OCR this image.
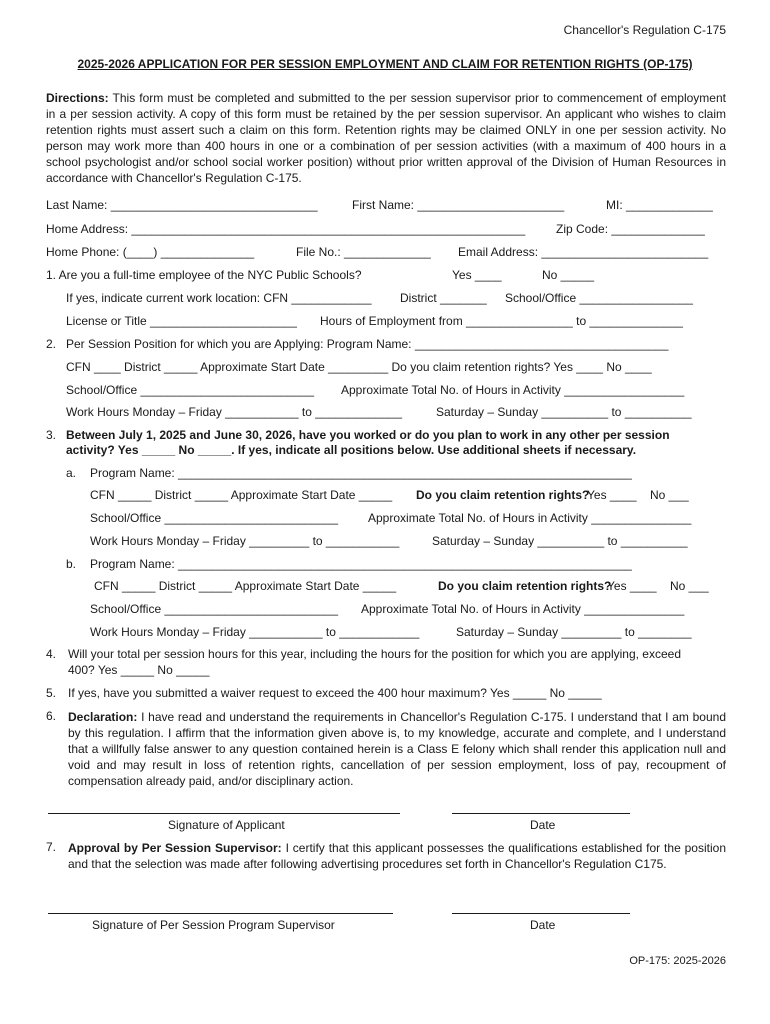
Chancellor's Regulation C-175
2025-2026 APPLICATION FOR PER SESSION EMPLOYMENT AND CLAIM FOR RETENTION RIGHTS (OP-175)
Directions: This form must be completed and submitted to the per session supervisor prior to commencement of employment in a per session activity. A copy of this form must be retained by the per session supervisor. An applicant who wishes to claim retention rights must assert such a claim on this form. Retention rights may be claimed ONLY in one per session activity. No person may work more than 400 hours in one or a combination of per session activities (with a maximum of 400 hours in a school psychologist and/or school social worker position) without prior written approval of the Division of Human Resources in accordance with Chancellor's Regulation C-175.
Last Name: _______________________________	First Name: ______________________	MI: _____________
Home Address: ___________________________________________________________	Zip Code: ______________
Home Phone: (____) ______________	File No.: _____________ Email Address: _________________________
1. Are you a full-time employee of the NYC Public Schools?	Yes ____	No _____
If yes, indicate current work location: CFN ____________ District _______ School/Office _________________
License or Title ______________________ Hours of Employment from ________________ to ______________
2. Per Session Position for which you are Applying: Program Name: ______________________________________
CFN ____ District _____ Approximate Start Date _________ Do you claim retention rights? Yes ____ No ____
School/Office __________________________ Approximate Total No. of Hours in Activity __________________
Work Hours Monday – Friday ___________ to _____________	Saturday – Sunday __________ to __________
3. Between July 1, 2025 and June 30, 2026, have you worked or do you plan to work in any other per session
activity? Yes _____ No _____. If yes, indicate all positions below. Use additional sheets if necessary.
a. Program Name: ____________________________________________________________________
CFN _____ District _____ Approximate Start Date _____ Do you claim retention rights?
Yes ____ No ___
School/Office __________________________ Approximate Total No. of Hours in Activity _______________
Work Hours Monday – Friday _________ to ___________	Saturday – Sunday __________ to __________
b. Program Name: ____________________________________________________________________
CFN _____ District _____ Approximate Start Date _____	Do you claim retention rights?
Yes ____ No ___
School/Office __________________________ Approximate Total No. of Hours in Activity _______________
Work Hours Monday – Friday ___________ to ____________	Saturday – Sunday _________ to ________
4. Will your total per session hours for this year, including the hours for the position for which you are applying, exceed
400? Yes _____ No _____
5. If yes, have you submitted a waiver request to exceed the 400 hour maximum? Yes _____ No _____
6. Declaration: I have read and understand the requirements in Chancellor's Regulation C-175. I understand that I am bound by this regulation. I affirm that the information given above is, to my knowledge, accurate and complete, and I understand that a willfully false answer to any question contained herein is a Class E felony which shall render this application null and void and may result in loss of retention rights, cancellation of per session employment, loss of pay, recoupment of compensation already paid, and/or disciplinary action.
Signature of Applicant	Date
7. Approval by Per Session Supervisor: I certify that this applicant possesses the qualifications established for the position and that the selection was made after following advertising procedures set forth in Chancellor's Regulation C175.
Signature of Per Session Program Supervisor	Date
OP-175: 2025-2026
